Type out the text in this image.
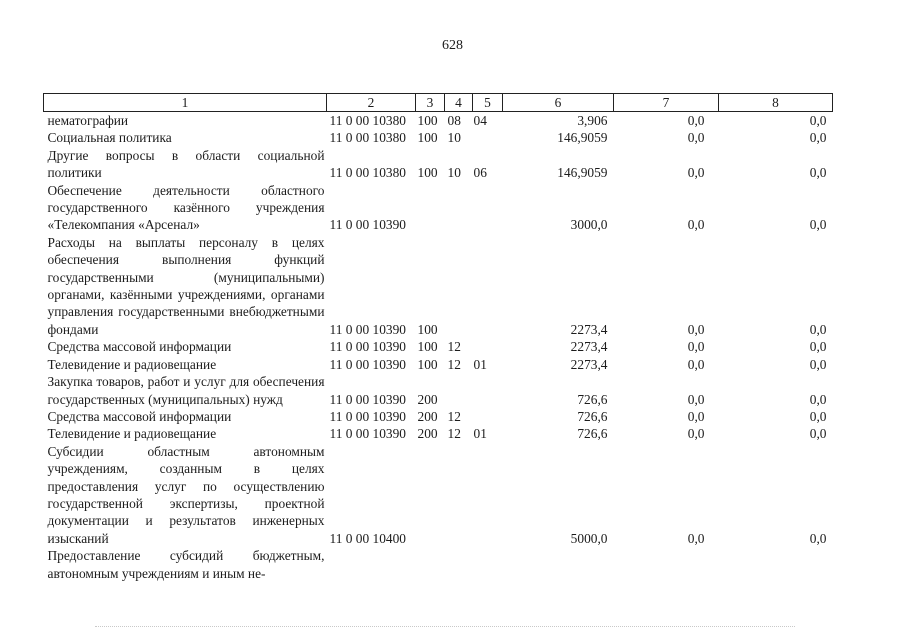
628
1	2	3	4	5	6	7	8
нематографии	11 0 00 10380	100	08	04	3,906	0,0	0,0
Социальная политика	11 0 00 10380	100	10		146,9059	0,0	0,0
Другие вопросы в области социальной политики	11 0 00 10380	100	10	06	146,9059	0,0	0,0
Обеспечение деятельности областного государственного казённого учреждения «Телекомпания «Арсенал»	11 0 00 10390				3000,0	0,0	0,0
Расходы на выплаты персоналу в целях обеспечения выполнения функций государственными (муниципальными) органами, казёнными учреждениями, органами управления государственными внебюджетными фондами	11 0 00 10390	100			2273,4	0,0	0,0
Средства массовой информации	11 0 00 10390	100	12		2273,4	0,0	0,0
Телевидение и радиовещание	11 0 00 10390	100	12	01	2273,4	0,0	0,0
Закупка товаров, работ и услуг для обеспечения государственных (муниципальных) нужд	11 0 00 10390	200			726,6	0,0	0,0
Средства массовой информации	11 0 00 10390	200	12		726,6	0,0	0,0
Телевидение и радиовещание	11 0 00 10390	200	12	01	726,6	0,0	0,0
Субсидии областным автономным учреждениям, созданным в целях предоставления услуг по осуществлению государственной экспертизы, проектной документации и результатов инженерных изысканий	11 0 00 10400				5000,0	0,0	0,0
Предоставление субсидий бюджетным, автономным учреждениям и иным не-							
